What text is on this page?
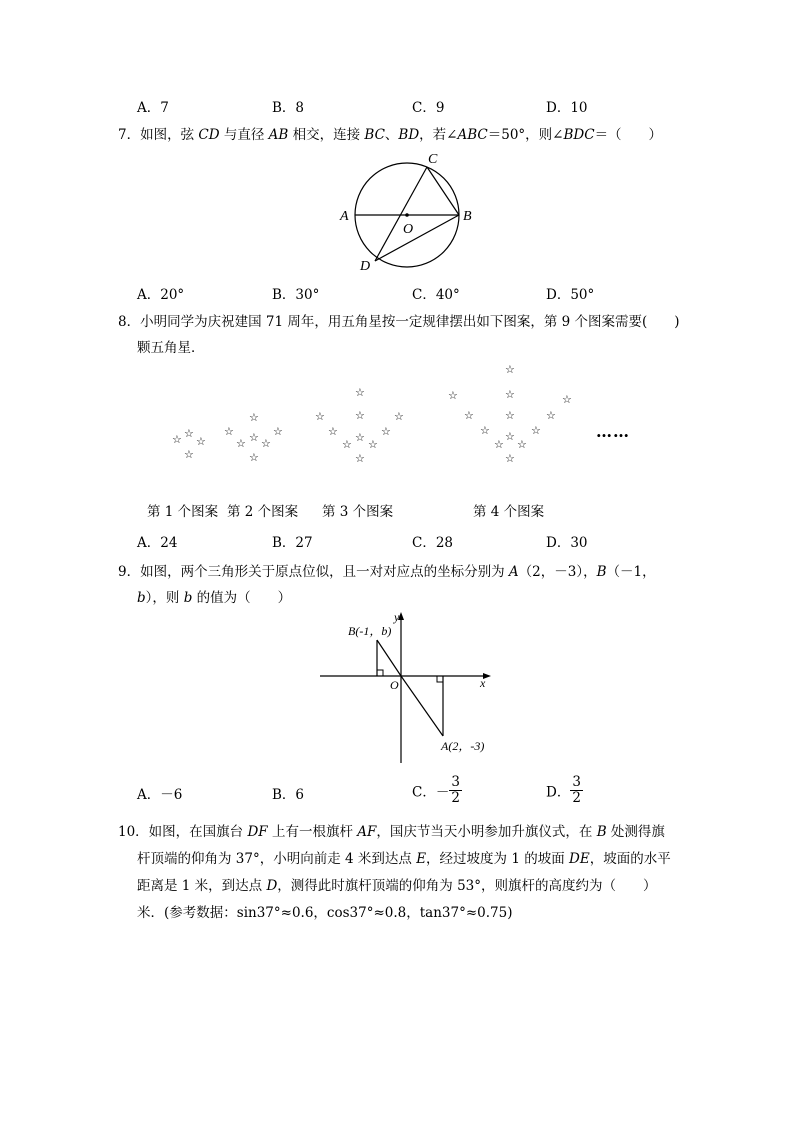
A．7	B．8	C．9	D．10
7．如图，弦 CD 与直径 AB 相交，连接 BC、BD，若∠ABC＝50°，则∠BDC＝（　　）
A	B
C
D
O
A．20°	B．30°	C．40°	D．50°
8．小明同学为庆祝建国 71 周年，用五角星按一定规律摆出如下图案，第 9 个图案需要(　　)
颗五角星．
☆ ☆
☆
☆
☆
☆
☆
☆
☆
☆
☆
☆
☆
☆
☆
☆
☆
☆
☆
☆
☆
☆
☆
☆
☆
☆
☆
☆
☆
☆
☆
☆
☆
☆
……
第 1 个图案 第 2 个图案 第 3 个图案	第 4 个图案
A．24	B．27	C．28	D．30
9．如图，两个三角形关于原点位似，且一对对应点的坐标分别为 A（2，－3），B（－1，
b），则 b 的值为（　　）
B(-1，b)
A(2，-3)
O	x
y
A．－6	B．6	C．－ $\frac{3}{2}$	D． $\frac{3}{2}$
10．如图，在国旗台 DF 上有一根旗杆 AF，国庆节当天小明参加升旗仪式，在 B 处测得旗
杆顶端的仰角为 37°，小明向前走 4 米到达点 E，经过坡度为 1 的坡面 DE，坡面的水平
距离是 1 米，到达点 D，测得此时旗杆顶端的仰角为 53°，则旗杆的高度约为（　　）
米．(参考数据：sin37°≈0.6，cos37°≈0.8，tan37°≈0.75)
